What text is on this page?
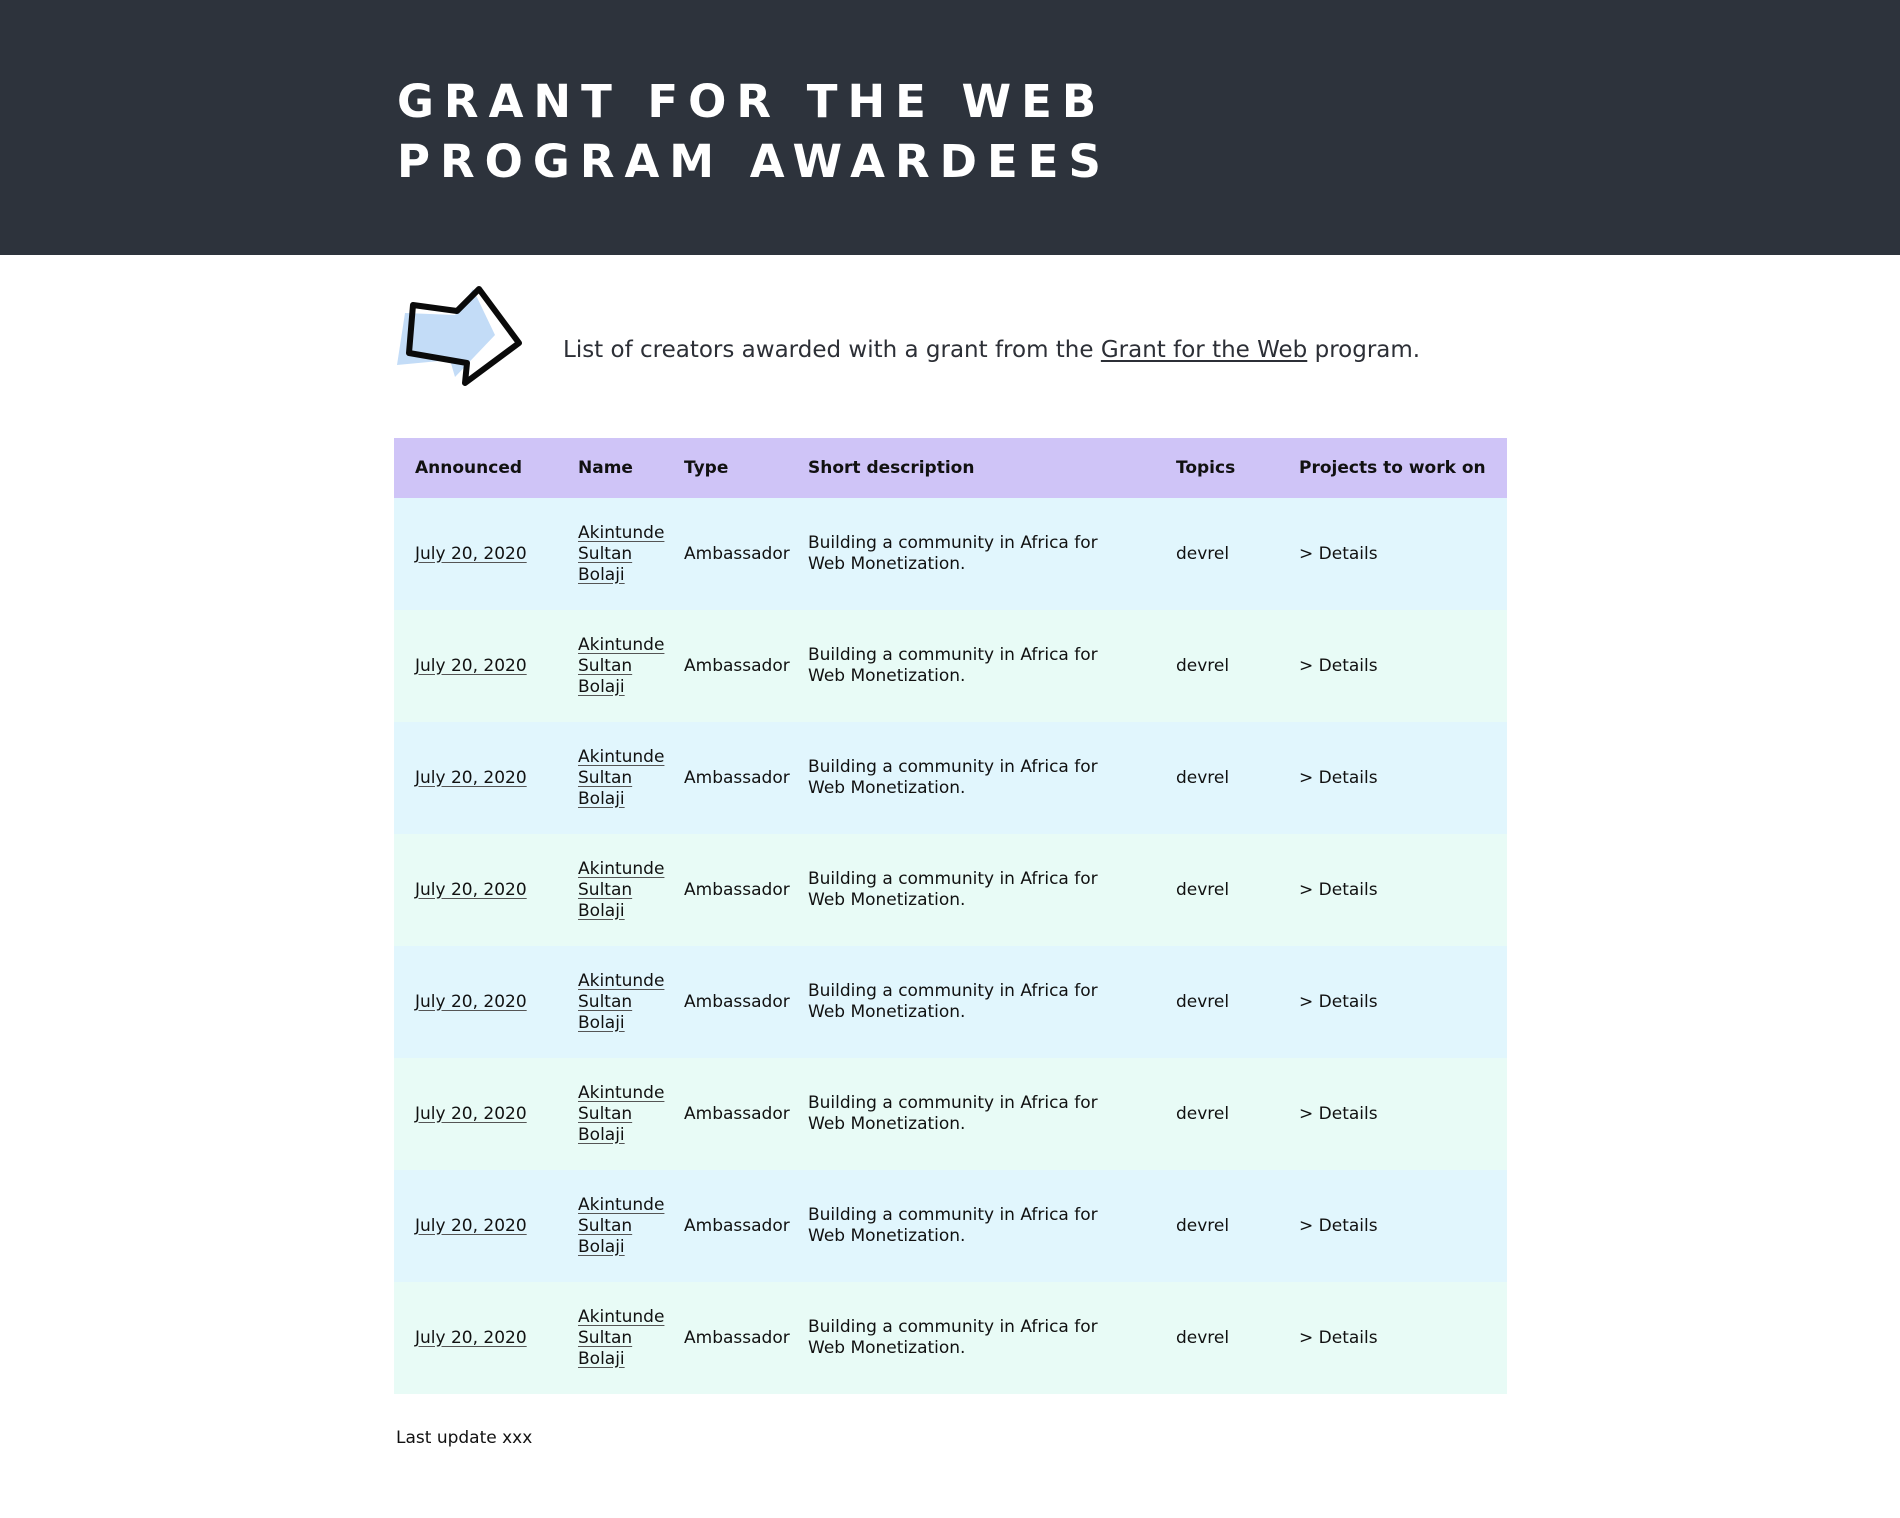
GRANT FOR THE WEB
PROGRAM AWARDEES
List of creators awarded with a grant from the Grant for the Web program.
Announced	Name	Type	Short description	Topics	Projects to work on
July 20, 2020	Akintunde Sultan Bolaji	Ambassador	Building a community in Africa for Web Monetization.	devrel	> Details
July 20, 2020	Akintunde Sultan Bolaji	Ambassador	Building a community in Africa for Web Monetization.	devrel	> Details
July 20, 2020	Akintunde Sultan Bolaji	Ambassador	Building a community in Africa for Web Monetization.	devrel	> Details
July 20, 2020	Akintunde Sultan Bolaji	Ambassador	Building a community in Africa for Web Monetization.	devrel	> Details
July 20, 2020	Akintunde Sultan Bolaji	Ambassador	Building a community in Africa for Web Monetization.	devrel	> Details
July 20, 2020	Akintunde Sultan Bolaji	Ambassador	Building a community in Africa for Web Monetization.	devrel	> Details
July 20, 2020	Akintunde Sultan Bolaji	Ambassador	Building a community in Africa for Web Monetization.	devrel	> Details
July 20, 2020	Akintunde Sultan Bolaji	Ambassador	Building a community in Africa for Web Monetization.	devrel	> Details
Last update xxx
